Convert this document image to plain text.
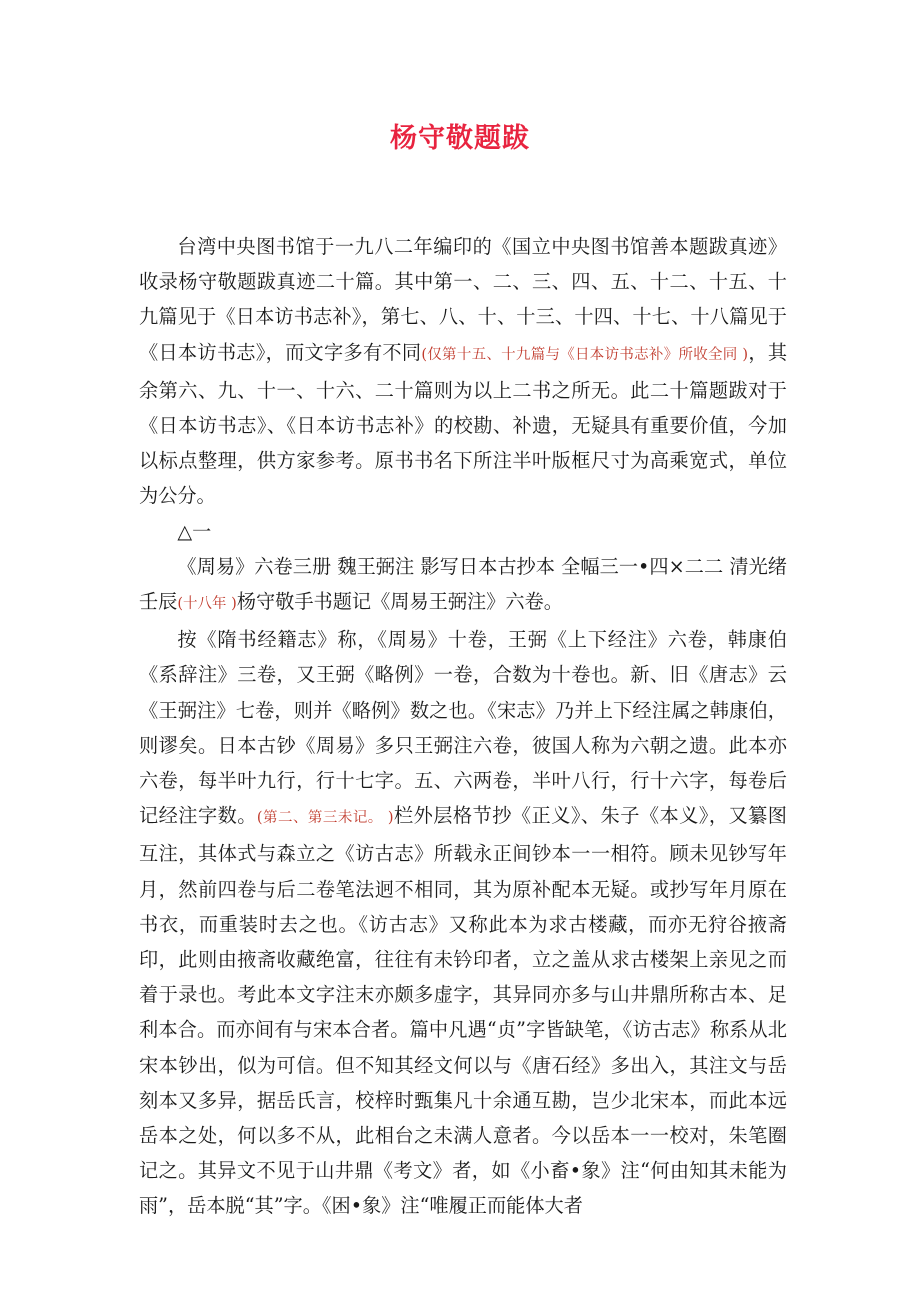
杨守敬题跋

台湾中央图书馆于一九八二年编印的《国立中央图书馆善本题跋真迹》收录杨守敬题跋真迹二十篇。其中第一、二、三、四、五、十二、十五、十九篇见于《日本访书志补》，第七、八、十、十三、十四、十七、十八篇见于《日本访书志》，而文字多有不同(仅第十五、十九篇与《日本访书志补》所收全同 )，其余第六、九、十一、十六、二十篇则为以上二书之所无。此二十篇题跋对于《日本访书志》、《日本访书志补》的校勘、补遗，无疑具有重要价值，今加以标点整理，供方家参考。原书书名下所注半叶版框尺寸为高乘宽式，单位为公分。

△一

《周易》六卷三册 魏王弼注 影写日本古抄本 全幅三一•四×二二 清光绪壬辰(十八年 )杨守敬手书题记《周易王弼注》六卷。

按《隋书经籍志》称，《周易》十卷，王弼《上下经注》六卷，韩康伯《系辞注》三卷，又王弼《略例》一卷，合数为十卷也。新、旧《唐志》云《王弼注》七卷，则并《略例》数之也。《宋志》乃并上下经注属之韩康伯，则谬矣。日本古钞《周易》多只王弼注六卷，彼国人称为六朝之遗。此本亦六卷，每半叶九行，行十七字。五、六两卷，半叶八行，行十六字，每卷后记经注字数。(第二、第三未记。 )栏外层格节抄《正义》、朱子《本义》，又纂图互注，其体式与森立之《访古志》所载永正间钞本一一相符。顾未见钞写年月，然前四卷与后二卷笔法迥不相同，其为原补配本无疑。或抄写年月原在书衣，而重装时去之也。《访古志》又称此本为求古楼藏，而亦无狩谷掖斋印，此则由掖斋收藏绝富，往往有未钤印者，立之盖从求古楼架上亲见之而着于录也。考此本文字注末亦颇多虚字，其异同亦多与山井鼎所称古本、足利本合。而亦间有与宋本合者。篇中凡遇“贞”字皆缺笔，《访古志》称系从北宋本钞出，似为可信。但不知其经文何以与《唐石经》多出入，其注文与岳刻本又多异，据岳氏言，校梓时甄集凡十余通互勘，岂少北宋本，而此本远岳本之处，何以多不从，此相台之未满人意者。今以岳本一一校对，朱笔圈记之。其异文不见于山井鼎《考文》者，如《小畜•象》注“何由知其未能为雨”，岳本脱“其”字。《困•象》注“唯履正而能体大者
